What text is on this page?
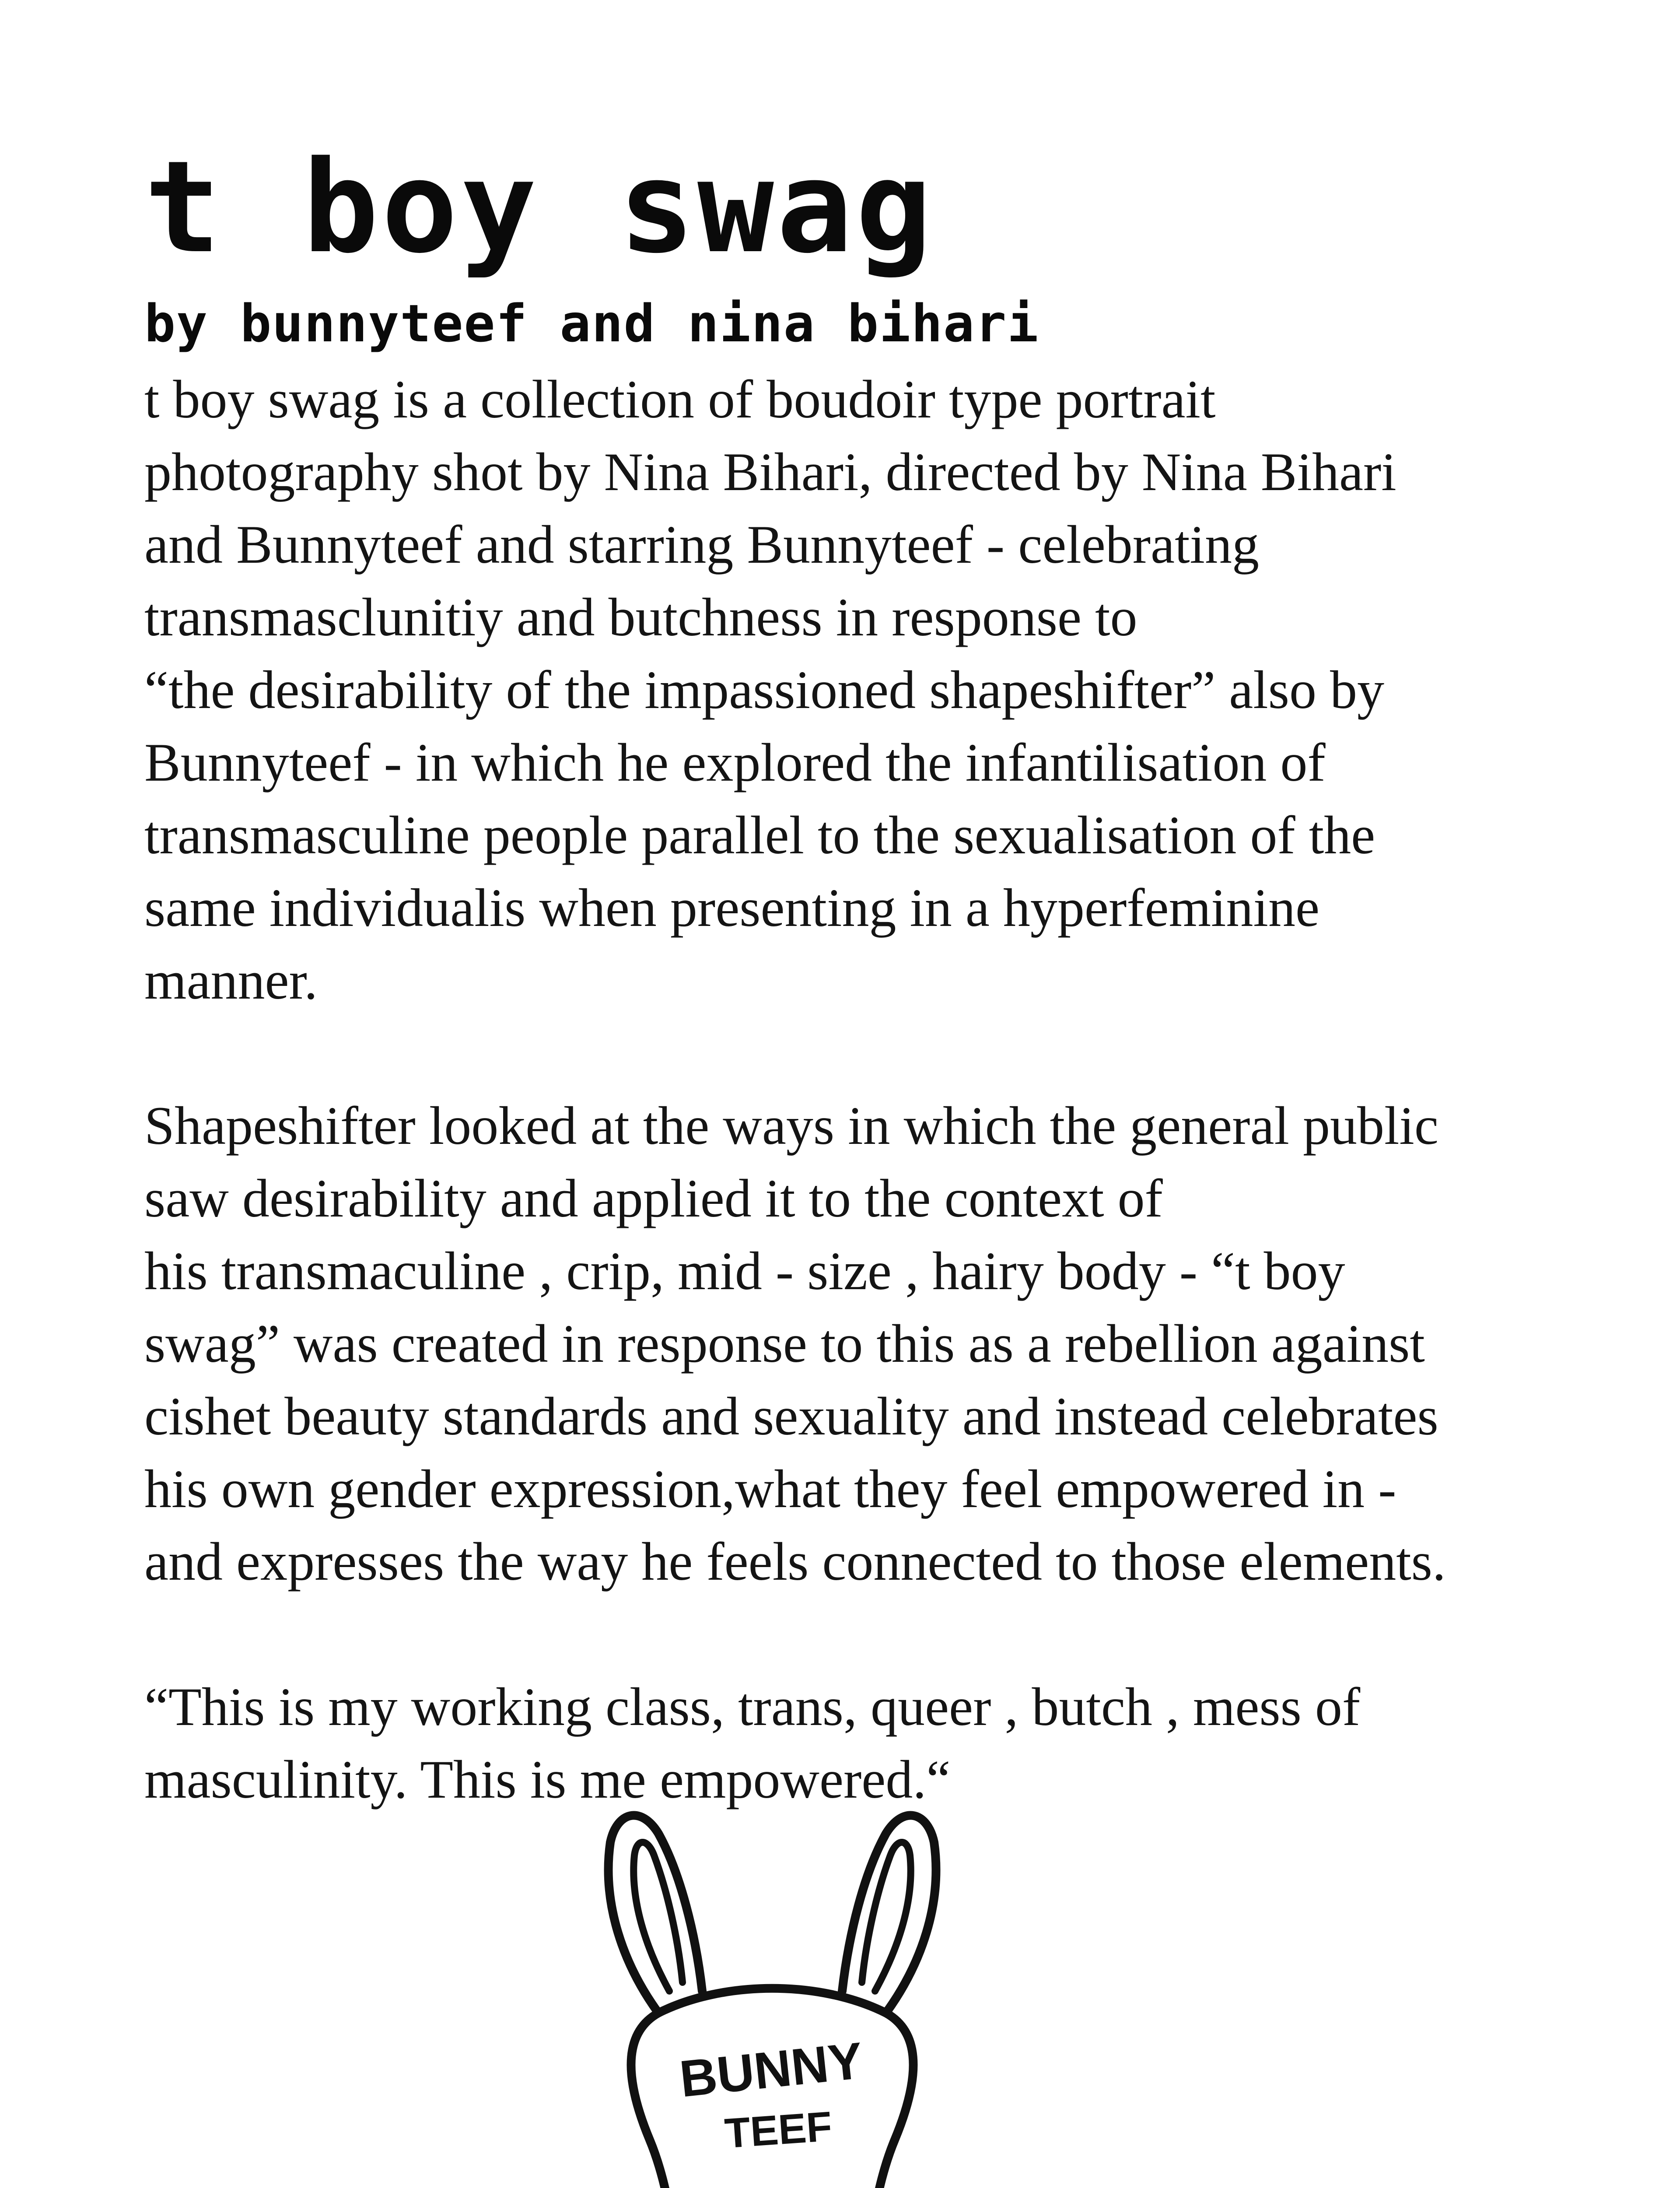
t boy swag
by bunnyteef and nina bihari

t boy swag is a collection of boudoir type portrait
photography shot by Nina Bihari, directed by Nina Bihari
and Bunnyteef and starring Bunnyteef - celebrating
transmasclunitiy and butchness in response to
“the desirability of the impassioned shapeshifter” also by
Bunnyteef - in which he explored the infantilisation of
transmasculine people parallel to the sexualisation of the
same individualis when presenting in a hyperfeminine
manner.

Shapeshifter looked at the ways in which the general public
saw desirability and applied it to the context of
his transmaculine , crip, mid - size , hairy body - “t boy
swag” was created in response to this as a rebellion against
cishet beauty standards and sexuality and instead celebrates
his own gender expression,what they feel empowered in -
and expresses the way he feels connected to those elements.

“This is my working class, trans, queer , butch , mess of
masculinity. This is me empowered.“

BUNNY
TEEF
